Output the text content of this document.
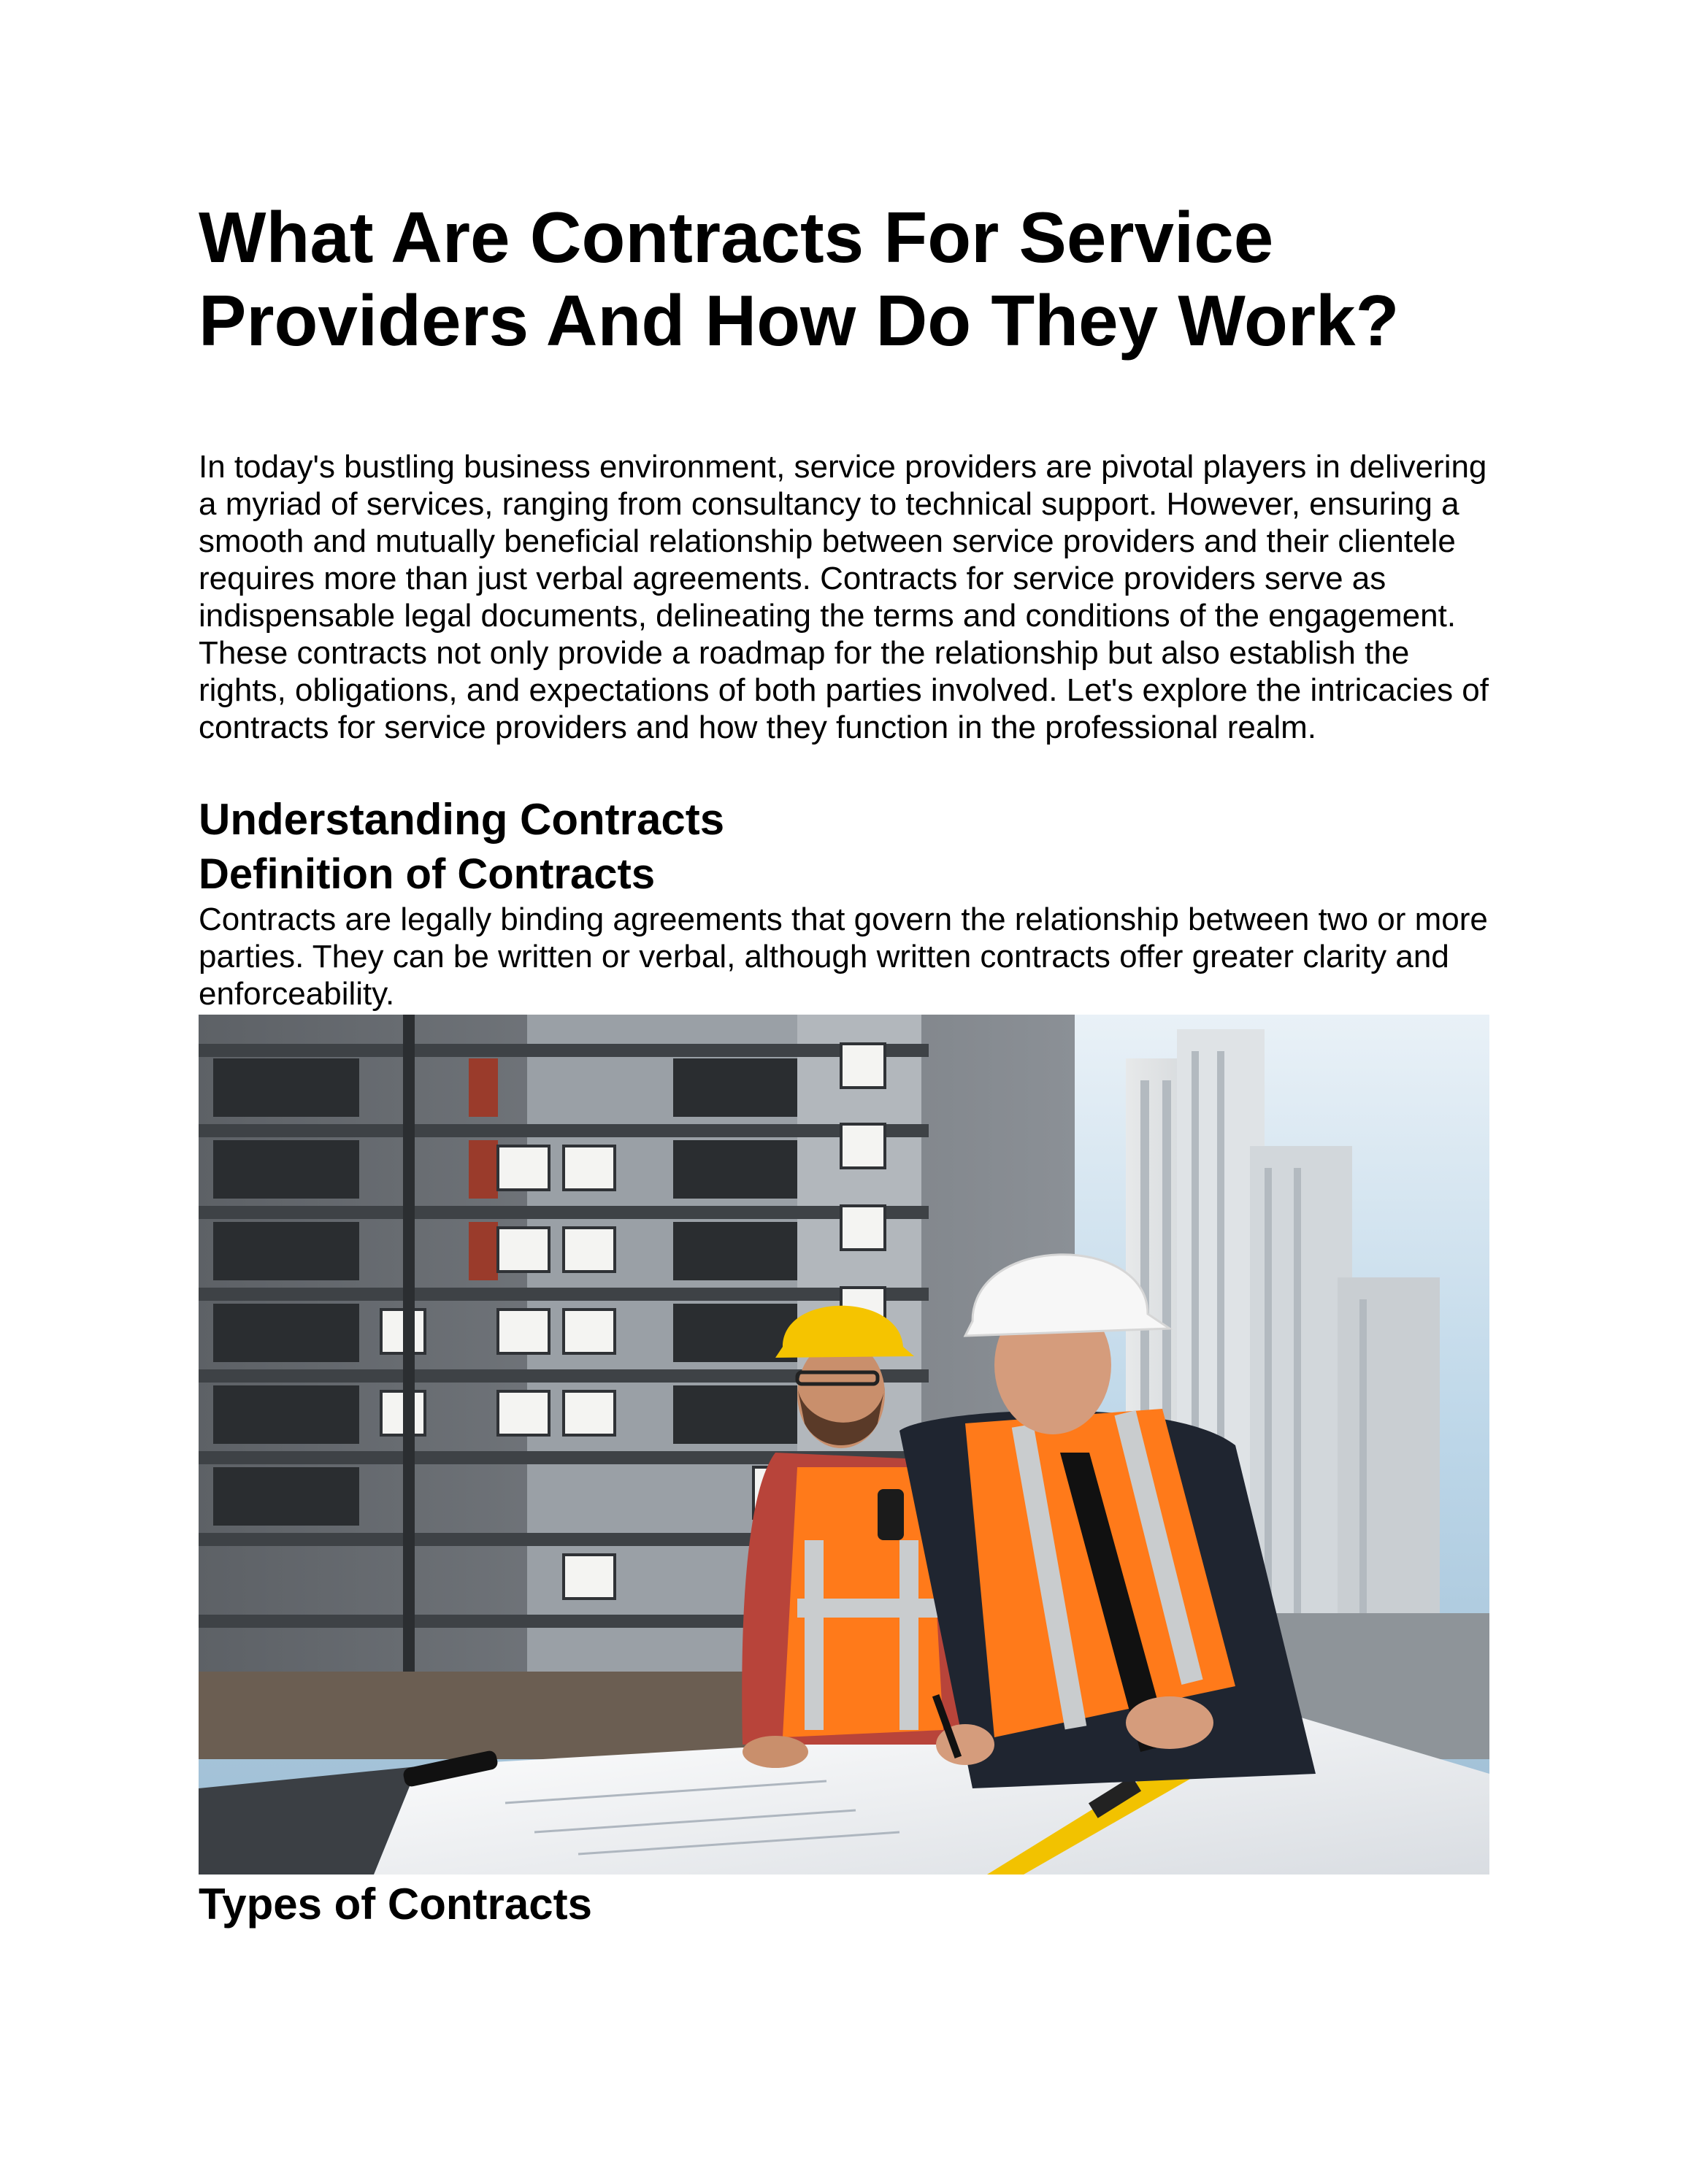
What Are Contracts For Service Providers And How Do They Work?

In today's bustling business environment, service providers are pivotal players in delivering a myriad of services, ranging from consultancy to technical support. However, ensuring a smooth and mutually beneficial relationship between service providers and their clientele requires more than just verbal agreements. Contracts for service providers serve as indispensable legal documents, delineating the terms and conditions of the engagement. These contracts not only provide a roadmap for the relationship but also establish the rights, obligations, and expectations of both parties involved. Let's explore the intricacies of contracts for service providers and how they function in the professional realm.

Understanding Contracts
Definition of Contracts

Contracts are legally binding agreements that govern the relationship between two or more parties. They can be written or verbal, although written contracts offer greater clarity and enforceability.

Types of Contracts
